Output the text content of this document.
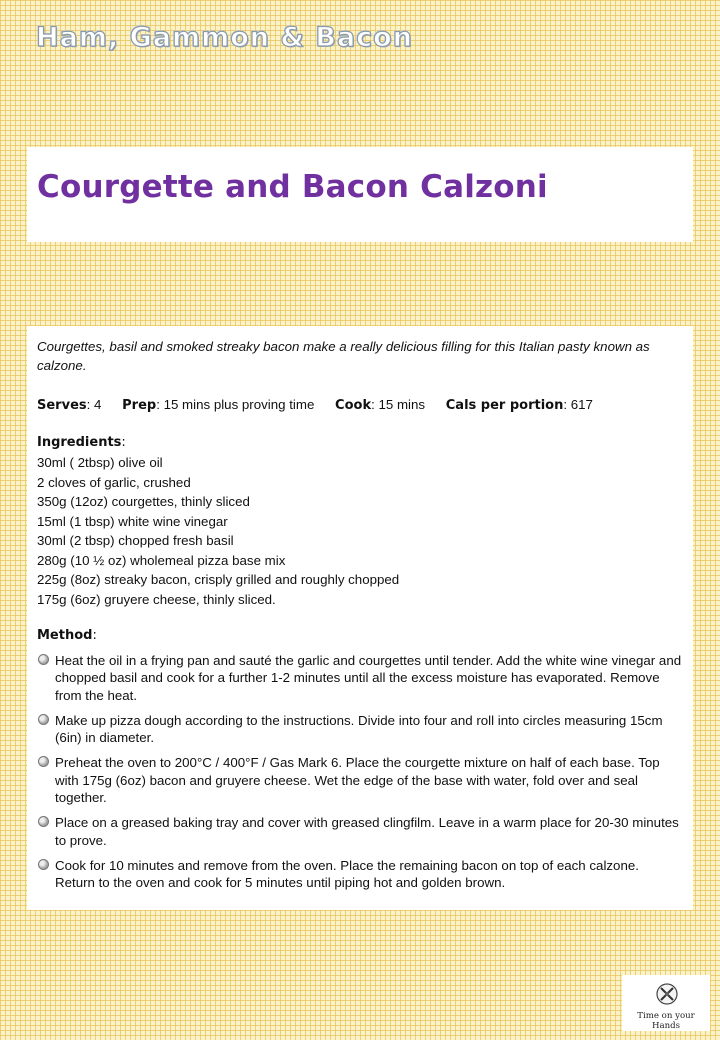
Ham, Gammon & Bacon
Courgette and Bacon Calzoni
Courgettes, basil and smoked streaky bacon make a really delicious filling for this Italian pasty known as calzone.
Serves: 4 Prep: 15 mins plus proving time Cook: 15 mins Cals per portion: 617
Ingredients:
30ml ( 2tbsp) olive oil
2 cloves of garlic, crushed
350g (12oz) courgettes, thinly sliced
15ml (1 tbsp) white wine vinegar
30ml (2 tbsp) chopped fresh basil
280g (10 ½ oz) wholemeal pizza base mix
225g (8oz) streaky bacon, crisply grilled and roughly chopped
175g (6oz) gruyere cheese, thinly sliced.
Method:
Heat the oil in a frying pan and sauté the garlic and courgettes until tender. Add the white wine vinegar and chopped basil and cook for a further 1-2 minutes until all the excess moisture has evaporated. Remove from the heat.
Make up pizza dough according to the instructions. Divide into four and roll into circles measuring 15cm (6in) in diameter.
Preheat the oven to 200°C / 400°F / Gas Mark 6. Place the courgette mixture on half of each base. Top with 175g (6oz) bacon and gruyere cheese. Wet the edge of the base with water, fold over and seal together.
Place on a greased baking tray and cover with greased clingfilm. Leave in a warm place for 20-30 minutes to prove.
Cook for 10 minutes and remove from the oven. Place the remaining bacon on top of each calzone. Return to the oven and cook for 5 minutes until piping hot and golden brown.
Time on your Hands
